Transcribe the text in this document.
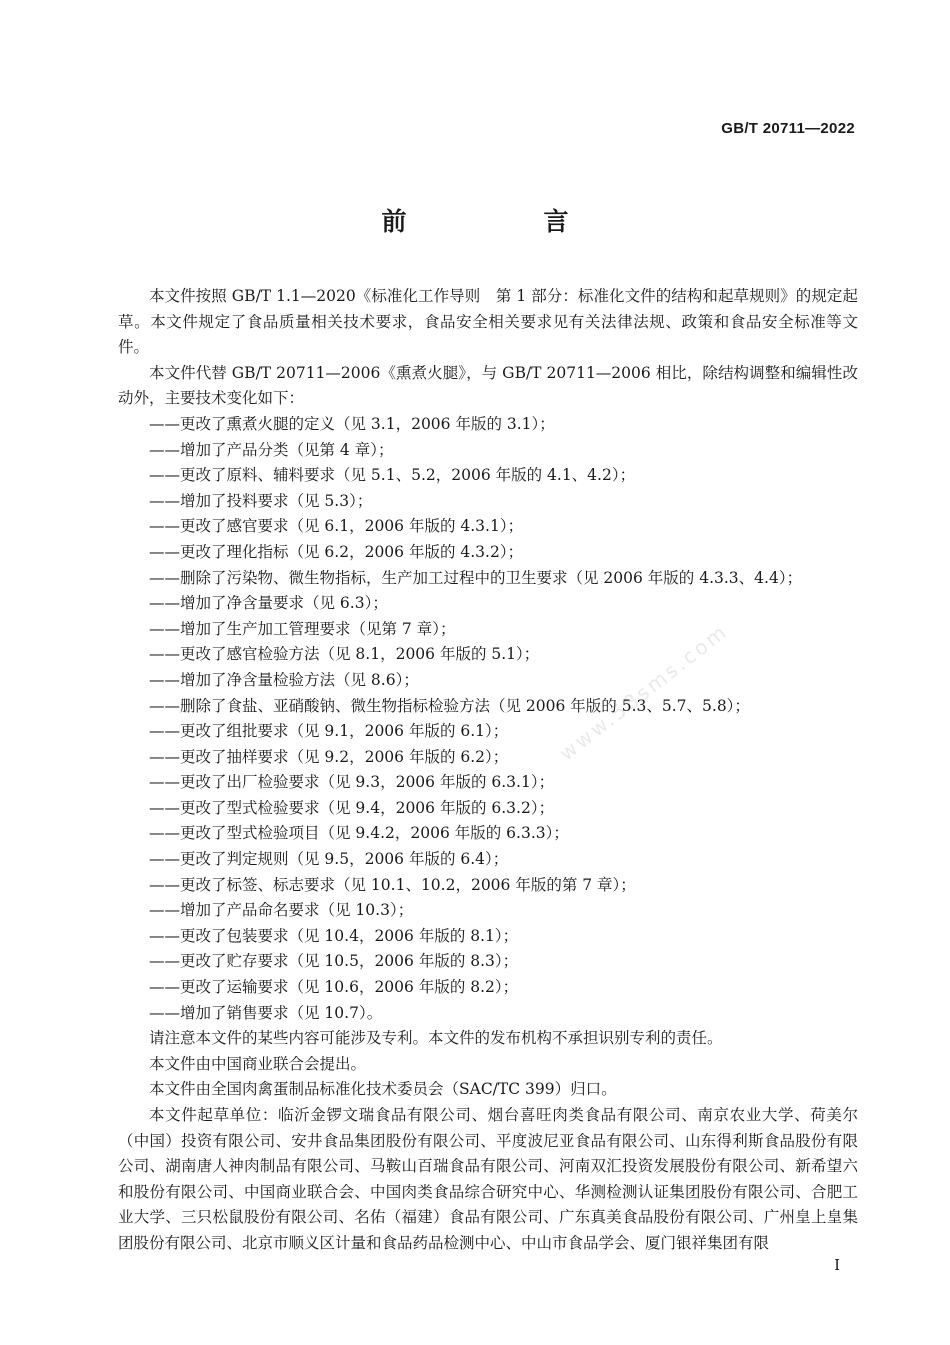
GB/T 20711—2022
前　言
www.58sms.com

本文件按照 GB/T 1.1—2020《标准化工作导则　第 1 部分：标准化文件的结构和起草规则》的规定起草。本文件规定了食品质量相关技术要求，食品安全相关要求见有关法律法规、政策和食品安全标准等文件。

本文件代替 GB/T 20711—2006《熏煮火腿》，与 GB/T 20711—2006 相比，除结构调整和编辑性改动外，主要技术变化如下：

——更改了熏煮火腿的定义（见 3.1，2006 年版的 3.1）；
——增加了产品分类（见第 4 章）；
——更改了原料、辅料要求（见 5.1、5.2，2006 年版的 4.1、4.2）；
——增加了投料要求（见 5.3）；
——更改了感官要求（见 6.1，2006 年版的 4.3.1）；
——更改了理化指标（见 6.2，2006 年版的 4.3.2）；
——删除了污染物、微生物指标，生产加工过程中的卫生要求（见 2006 年版的 4.3.3、4.4）；
——增加了净含量要求（见 6.3）；
——增加了生产加工管理要求（见第 7 章）；
——更改了感官检验方法（见 8.1，2006 年版的 5.1）；
——增加了净含量检验方法（见 8.6）；
——删除了食盐、亚硝酸钠、微生物指标检验方法（见 2006 年版的 5.3、5.7、5.8）；
——更改了组批要求（见 9.1，2006 年版的 6.1）；
——更改了抽样要求（见 9.2，2006 年版的 6.2）；
——更改了出厂检验要求（见 9.3，2006 年版的 6.3.1）；
——更改了型式检验要求（见 9.4，2006 年版的 6.3.2）；
——更改了型式检验项目（见 9.4.2，2006 年版的 6.3.3）；
——更改了判定规则（见 9.5，2006 年版的 6.4）；
——更改了标签、标志要求（见 10.1、10.2，2006 年版的第 7 章）；
——增加了产品命名要求（见 10.3）；
——更改了包装要求（见 10.4，2006 年版的 8.1）；
——更改了贮存要求（见 10.5，2006 年版的 8.3）；
——更改了运输要求（见 10.6，2006 年版的 8.2）；
——增加了销售要求（见 10.7）。

请注意本文件的某些内容可能涉及专利。本文件的发布机构不承担识别专利的责任。

本文件由中国商业联合会提出。

本文件由全国肉禽蛋制品标准化技术委员会（SAC/TC 399）归口。

本文件起草单位：临沂金锣文瑞食品有限公司、烟台喜旺肉类食品有限公司、南京农业大学、荷美尔（中国）投资有限公司、安井食品集团股份有限公司、平度波尼亚食品有限公司、山东得利斯食品股份有限公司、湖南唐人神肉制品有限公司、马鞍山百瑞食品有限公司、河南双汇投资发展股份有限公司、新希望六和股份有限公司、中国商业联合会、中国肉类食品综合研究中心、华测检测认证集团股份有限公司、合肥工业大学、三只松鼠股份有限公司、名佑（福建）食品有限公司、广东真美食品股份有限公司、广州皇上皇集团股份有限公司、北京市顺义区计量和食品药品检测中心、中山市食品学会、厦门银祥集团有限

I
